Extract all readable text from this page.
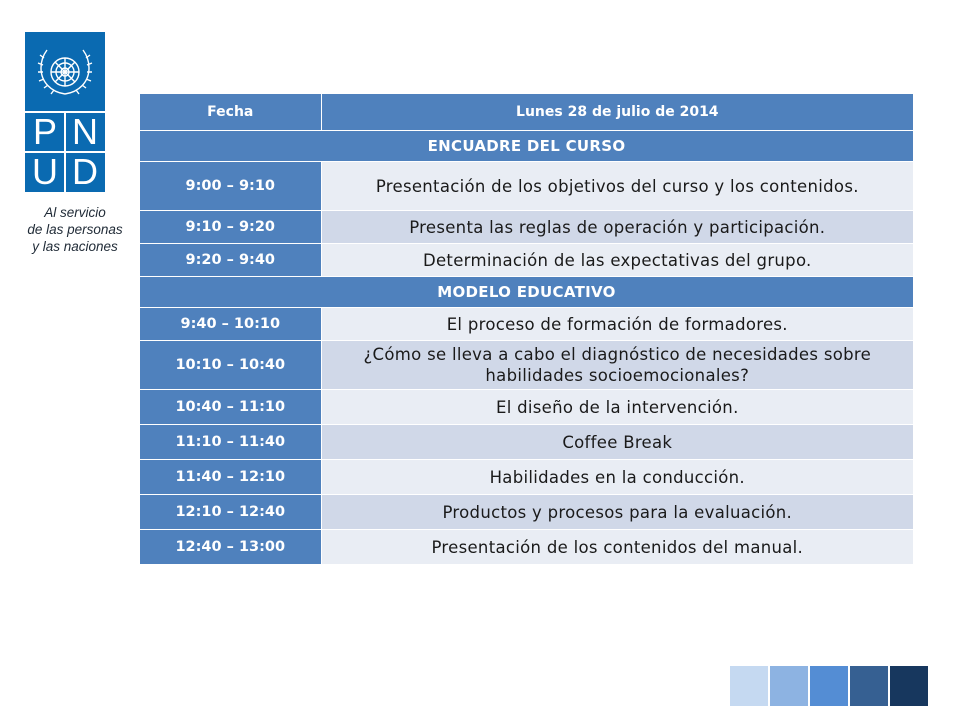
P N
U D
Al servicio
de las personas
y las naciones
Fecha	Lunes 28 de julio de 2014
ENCUADRE DEL CURSO	
9:00 – 9:10	Presentación de los objetivos del curso y los contenidos.
9:10 – 9:20	Presenta las reglas de operación y participación.
9:20 – 9:40	Determinación de las expectativas del grupo.
MODELO EDUCATIVO	
9:40 – 10:10	El proceso de formación de formadores.
10:10 – 10:40	¿Cómo se lleva a cabo el diagnóstico de necesidades sobre habilidades socioemocionales?
10:40 – 11:10	El diseño de la intervención.
11:10 – 11:40	Coffee Break
11:40 – 12:10	Habilidades en la conducción.
12:10 – 12:40	Productos y procesos para la evaluación.
12:40 – 13:00	Presentación de los contenidos del manual.
